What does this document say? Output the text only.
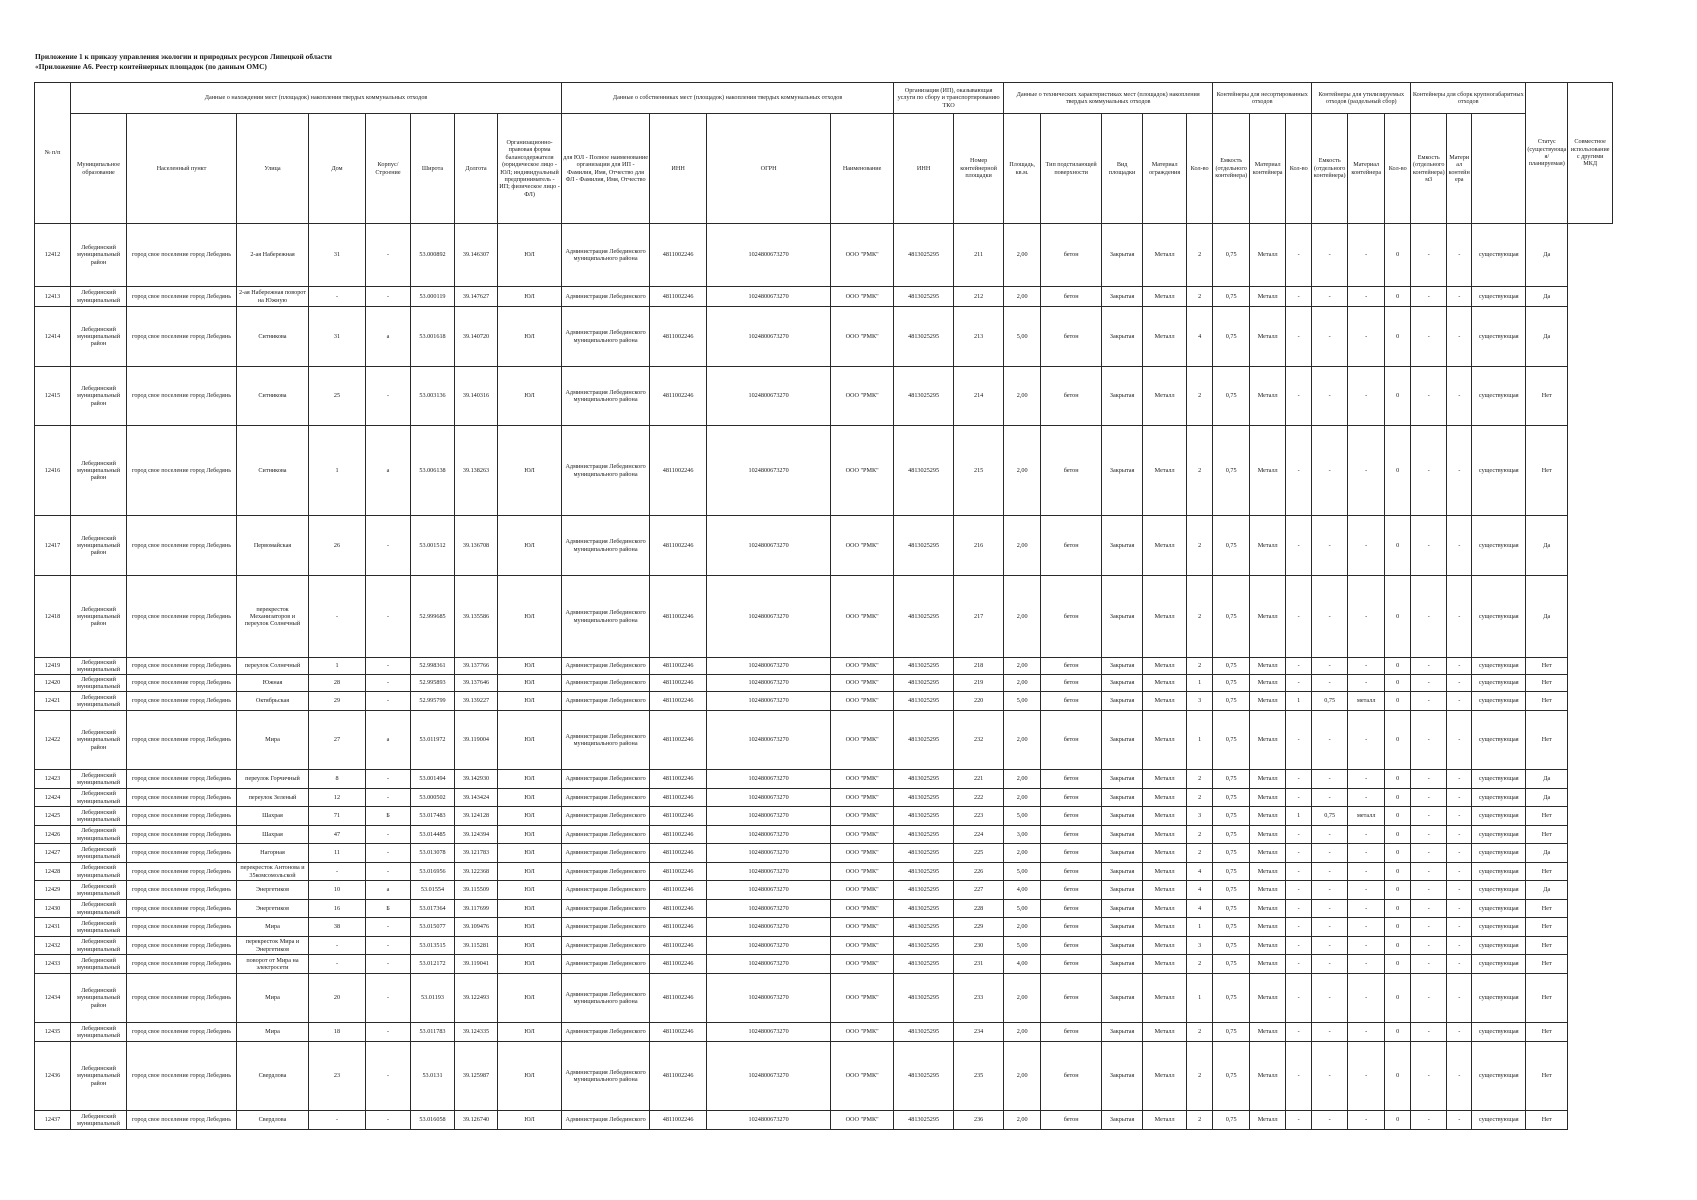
Приложение 1 к приказу управления экологии и природных ресурсов Липецкой области
«Приложение А6. Реестр контейнерных площадок (по данным ОМС)
№ п/п	Данные о нахождении мест (площадок) накопления твердых коммунальных отходов								Данные о собственниках мест (площадок) накопления твердых коммунальных отходов				Организация (ИП), оказывающая услуги по сбору и транспортированию ТКО		Данные о технических характеристиках мест (площадок) накопления твердых коммунальных отходов					Контейнеры для несортированных отходов			Контейнеры для утилизируемых отходов (раздельный сбор)			Контейнеры для сборк крупногабаритных отходов			Статус (существующая/планируемая)	Совместное использование с другими МКД
	Муниципальное образование	Населенный пункт	Улица	Дом	Корпус/Строение	Широта	Долгота	Организационно-правовая форма балансодержателя (юридическое лицо - ЮЛ; индивидуальный предприниматель - ИП; физическое лицо - ФЛ)	для ЮЛ - Полное наименование организации для ИП - Фамилия, Имя, Отчество для ФЛ - Фамилия, Имя, Отчество	ИНН	ОГРН	Наименование	ИНН	Номер контейнерной площадки	Площадь, кв.м.	Тип подстилающей поверхности	Вид площадки	Материал ограждения	Кол-во	Емкость (отдельного контейнера)	Материал контейнера	Кол-во	Емкость (отдельного контейнера)	Материал контейнера	Кол-во	Емкость (отдельного контейнера) м3	Материал контейнера			
12412	Лебединский муниципальный район	город свое поселение город Лебедянь	2-ая Набережная	31	-	53.000892	39.146307	ЮЛ	Администрация Лебединского муниципального района	4811002246	1024800673270	ООО "РМК"	4813025295	211	2,00	бетон	Закрытая	Металл	2	0,75	Металл	-	-	-	0	-	-	существующая	Да	
12413	Лебединский муниципальный	город свое поселение город Лебедянь	2-ая Набережная поворот на Южную	-	-	53.000119	39.147627	ЮЛ	Администрация Лебединского	4811002246	1024800673270	ООО "РМК"	4813025295	212	2,00	бетон	Закрытая	Металл	2	0,75	Металл	-	-	-	0	-	-	существующая	Да	
12414	Лебединский муниципальный район	город свое поселение город Лебедянь	Ситникова	31	а	53.001618	39.140720	ЮЛ	Администрация Лебединского муниципального района	4811002246	1024800673270	ООО "РМК"	4813025295	213	5,00	бетон	Закрытая	Металл	4	0,75	Металл	-	-	-	0	-	-	существующая	Да	
12415	Лебединский муниципальный район	город свое поселение город Лебедянь	Ситникова	25	-	53.003136	39.140316	ЮЛ	Администрация Лебединского муниципального района	4811002246	1024800673270	ООО "РМК"	4813025295	214	2,00	бетон	Закрытая	Металл	2	0,75	Металл	-	-	-	0	-	-	существующая	Нет	
12416	Лебединский муниципальный район	город свое поселение город Лебедянь	Ситникова	1	а	53.006138	39.138263	ЮЛ	Администрация Лебединского муниципального района	4811002246	1024800673270	ООО "РМК"	4813025295	215	2,00	бетон	Закрытая	Металл	2	0,75	Металл	-	-	-	0	-	-	существующая	Нет	
12417	Лебединский муниципальный район	город свое поселение город Лебедянь	Первомайская	26	-	53.001512	39.136708	ЮЛ	Администрация Лебединского муниципального района	4811002246	1024800673270	ООО "РМК"	4813025295	216	2,00	бетон	Закрытая	Металл	2	0,75	Металл	-	-	-	0	-	-	существующая	Да	
12418	Лебединский муниципальный район	город свое поселение город Лебедянь	перекресток Механизаторов и переулок Солнечный	-	-	52.999685	39.135586	ЮЛ	Администрация Лебединского муниципального района	4811002246	1024800673270	ООО "РМК"	4813025295	217	2,00	бетон	Закрытая	Металл	2	0,75	Металл	-	-	-	0	-	-	существующая	Да	
12419	Лебединский муниципальный	город свое поселение город Лебедянь	переулок Солнечный	1	-	52.998361	39.137766	ЮЛ	Администрация Лебединского	4811002246	1024800673270	ООО "РМК"	4813025295	218	2,00	бетон	Закрытая	Металл	2	0,75	Металл	-	-	-	0	-	-	существующая	Нет	
12420	Лебединский муниципальный	город свое поселение город Лебедянь	Южная	28	-	52.995893	39.137646	ЮЛ	Администрация Лебединского	4811002246	1024800673270	ООО "РМК"	4813025295	219	2,00	бетон	Закрытая	Металл	1	0,75	Металл	-	-	-	0	-	-	существующая	Нет	
12421	Лебединский муниципальный	город свое поселение город Лебедянь	Октябрьская	29	-	52.995799	39.139227	ЮЛ	Администрация Лебединского	4811002246	1024800673270	ООО "РМК"	4813025295	220	5,00	бетон	Закрытая	Металл	3	0,75	Металл	1	0,75	металл	0	-	-	существующая	Нет	
12422	Лебединский муниципальный район	город свое поселение город Лебедянь	Мира	27	а	53.011972	39.119004	ЮЛ	Администрация Лебединского муниципального района	4811002246	1024800673270	ООО "РМК"	4813025295	232	2,00	бетон	Закрытая	Металл	1	0,75	Металл	-	-	-	0	-	-	существующая	Нет	
12423	Лебединский муниципальный	город свое поселение город Лебедянь	переулок Горчичный	8	-	53.001494	39.142930	ЮЛ	Администрация Лебединского	4811002246	1024800673270	ООО "РМК"	4813025295	221	2,00	бетон	Закрытая	Металл	2	0,75	Металл	-	-	-	0	-	-	существующая	Да	
12424	Лебединский муниципальный	город свое поселение город Лебедянь	переулок Зеленый	12	-	53.000502	39.143424	ЮЛ	Администрация Лебединского	4811002246	1024800673270	ООО "РМК"	4813025295	222	2,00	бетон	Закрытая	Металл	2	0,75	Металл	-	-	-	0	-	-	существующая	Да	
12425	Лебединский муниципальный	город свое поселение город Лебедянь	Шахрая	71	Б	53.017483	39.124128	ЮЛ	Администрация Лебединского	4811002246	1024800673270	ООО "РМК"	4813025295	223	5,00	бетон	Закрытая	Металл	3	0,75	Металл	1	0,75	металл	0	-	-	существующая	Нет	
12426	Лебединский муниципальный	город свое поселение город Лебедянь	Шахрая	47	-	53.014485	39.124394	ЮЛ	Администрация Лебединского	4811002246	1024800673270	ООО "РМК"	4813025295	224	3,00	бетон	Закрытая	Металл	2	0,75	Металл	-	-	-	0	-	-	существующая	Нет	
12427	Лебединский муниципальный	город свое поселение город Лебедянь	Нагорная	11	-	53.013078	39.121783	ЮЛ	Администрация Лебединского	4811002246	1024800673270	ООО "РМК"	4813025295	225	2,00	бетон	Закрытая	Металл	2	0,75	Металл	-	-	-	0	-	-	существующая	Да	
12428	Лебединский муниципальный	город свое поселение город Лебедянь	перекресток Антонова и 35комсомольской	-	-	53.016956	39.122368	ЮЛ	Администрация Лебединского	4811002246	1024800673270	ООО "РМК"	4813025295	226	5,00	бетон	Закрытая	Металл	4	0,75	Металл	-	-	-	0	-	-	существующая	Нет	
12429	Лебединский муниципальный	город свое поселение город Лебедянь	Энергетиков	10	а	53.01554	39.115509	ЮЛ	Администрация Лебединского	4811002246	1024800673270	ООО "РМК"	4813025295	227	4,00	бетон	Закрытая	Металл	4	0,75	Металл	-	-	-	0	-	-	существующая	Да	
12430	Лебединский муниципальный	город свое поселение город Лебедянь	Энергетиков	16	Б	53.017364	39.117699	ЮЛ	Администрация Лебединского	4811002246	1024800673270	ООО "РМК"	4813025295	228	5,00	бетон	Закрытая	Металл	4	0,75	Металл	-	-	-	0	-	-	существующая	Нет	
12431	Лебединский муниципальный	город свое поселение город Лебедянь	Мира	38	-	53.015077	39.109476	ЮЛ	Администрация Лебединского	4811002246	1024800673270	ООО "РМК"	4813025295	229	2,00	бетон	Закрытая	Металл	1	0,75	Металл	-	-	-	0	-	-	существующая	Нет	
12432	Лебединский муниципальный	город свое поселение город Лебедянь	перекресток Мира и Энергетиков	-	-	53.013515	39.115281	ЮЛ	Администрация Лебединского	4811002246	1024800673270	ООО "РМК"	4813025295	230	5,00	бетон	Закрытая	Металл	3	0,75	Металл	-	-	-	0	-	-	существующая	Нет	
12433	Лебединский муниципальный	город свое поселение город Лебедянь	поворот от Мира на электросети	-	-	53.012172	39.119041	ЮЛ	Администрация Лебединского	4811002246	1024800673270	ООО "РМК"	4813025295	231	4,00	бетон	Закрытая	Металл	2	0,75	Металл	-	-	-	0	-	-	существующая	Нет	
12434	Лебединский муниципальный район	город свое поселение город Лебедянь	Мира	20	-	53.01193	39.122493	ЮЛ	Администрация Лебединского муниципального района	4811002246	1024800673270	ООО "РМК"	4813025295	233	2,00	бетон	Закрытая	Металл	1	0,75	Металл	-	-	-	0	-	-	существующая	Нет	
12435	Лебединский муниципальный	город свое поселение город Лебедянь	Мира	18	-	53.011783	39.124335	ЮЛ	Администрация Лебединского	4811002246	1024800673270	ООО "РМК"	4813025295	234	2,00	бетон	Закрытая	Металл	2	0,75	Металл	-	-	-	0	-	-	существующая	Нет	
12436	Лебединский муниципальный район	город свое поселение город Лебедянь	Свердлова	23	-	53.0131	39.125987	ЮЛ	Администрация Лебединского муниципального района	4811002246	1024800673270	ООО "РМК"	4813025295	235	2,00	бетон	Закрытая	Металл	2	0,75	Металл	-	-	-	0	-	-	существующая	Нет	
12437	Лебединский муниципальный	город свое поселение город Лебедянь	Свердлова	-	-	53.016058	39.126740	ЮЛ	Администрация Лебединского	4811002246	1024800673270	ООО "РМК"	4813025295	236	2,00	бетон	Закрытая	Металл	2	0,75	Металл	-	-	-	0	-	-	существующая	Нет	
